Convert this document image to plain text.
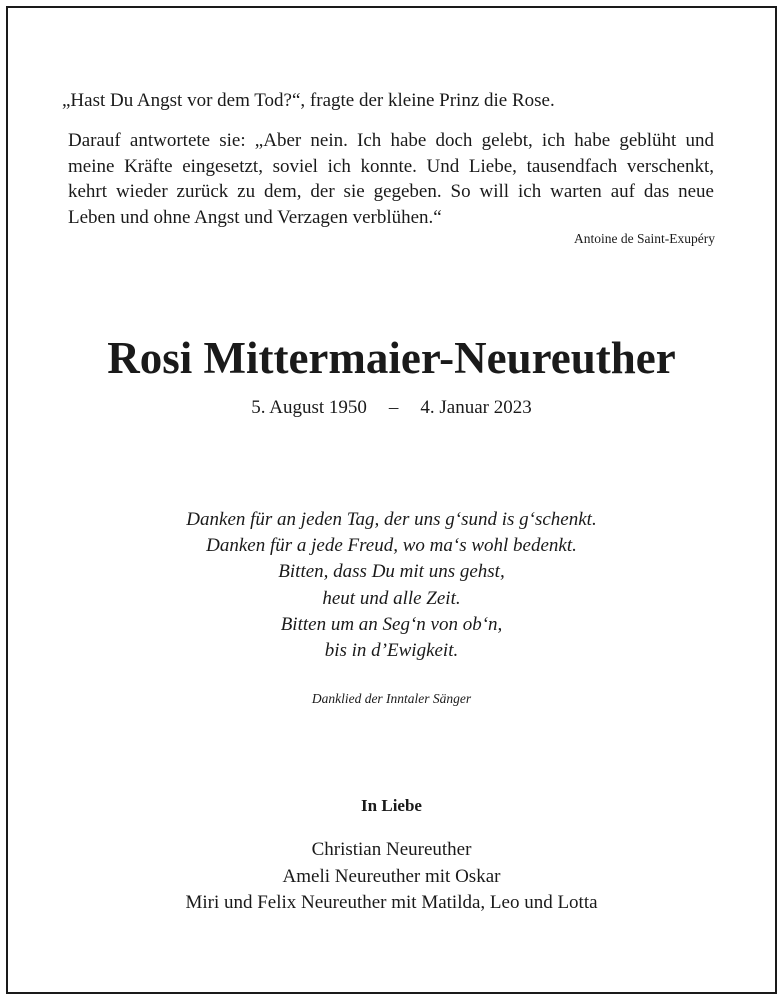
„Hast Du Angst vor dem Tod?“, fragte der kleine Prinz die Rose.
Darauf antwortete sie: „Aber nein. Ich habe doch gelebt, ich habe geblüht und
meine Kräfte eingesetzt, soviel ich konnte. Und Liebe, tausendfach verschenkt,
kehrt wieder zurück zu dem, der sie gegeben. So will ich warten auf das neue
Leben und ohne Angst und Verzagen verblühen.“
Antoine de Saint-Exupéry
Rosi Mittermaier-Neureuther
5. August 1950 – 4. Januar 2023
Danken für an jeden Tag, der uns g‘sund is g‘schenkt.
Danken für a jede Freud, wo ma‘s wohl bedenkt.
Bitten, dass Du mit uns gehst,
heut und alle Zeit.
Bitten um an Seg‘n von ob‘n,
bis in d’Ewigkeit.
Danklied der Inntaler Sänger
In Liebe
Christian Neureuther
Ameli Neureuther mit Oskar
Miri und Felix Neureuther mit Matilda, Leo und Lotta
